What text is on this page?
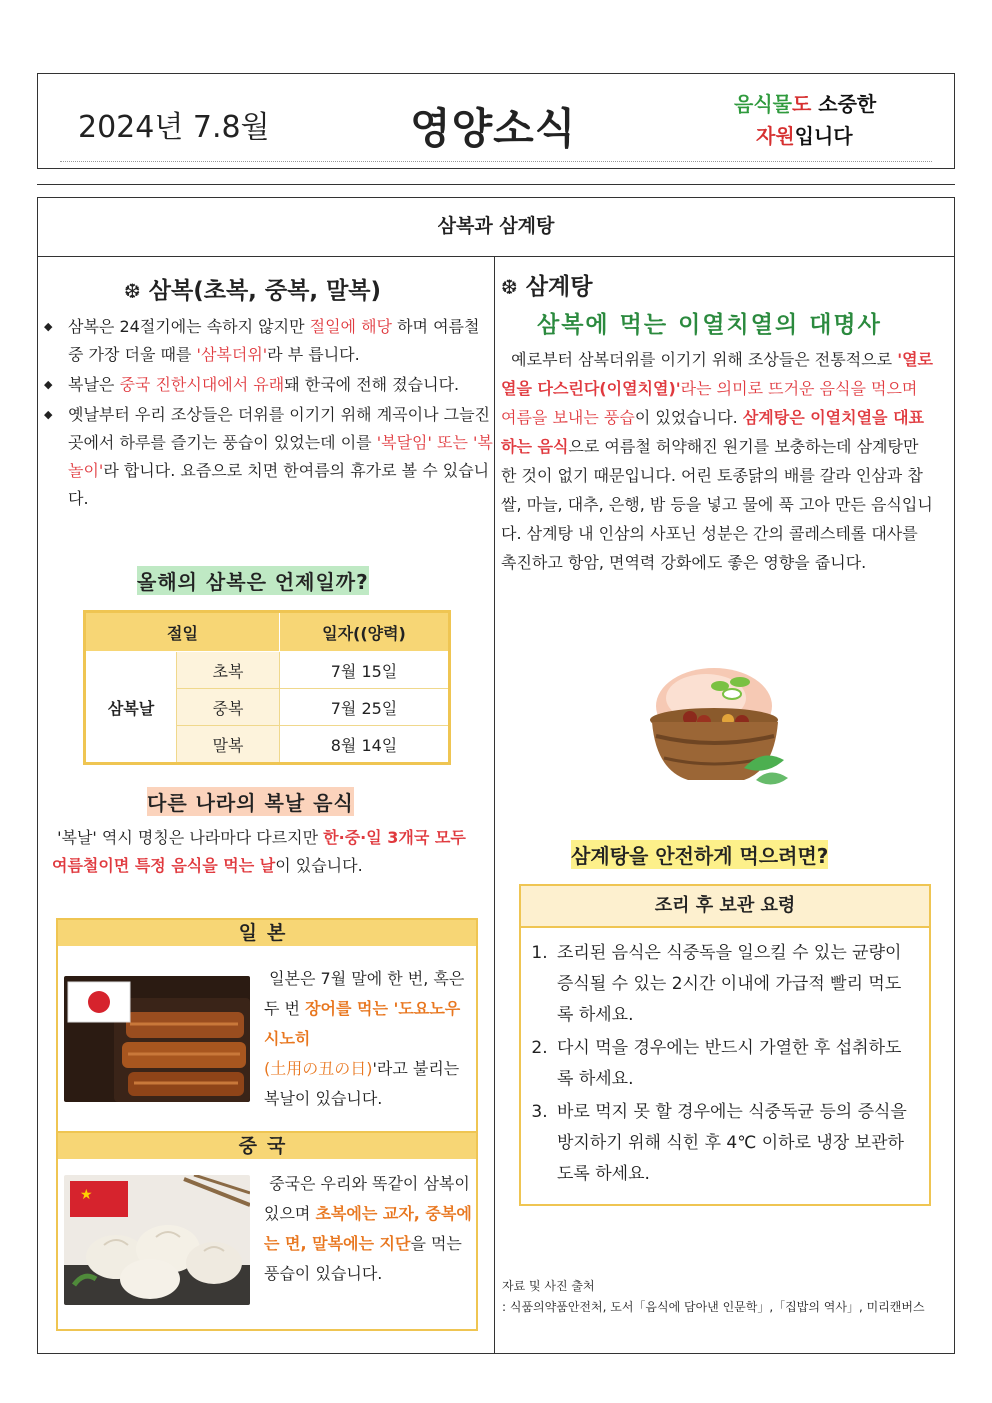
2024년 7.8월	영양소식	음식물도 소중한
자원입니다
삼복과 삼계탕
❆ 삼복(초복, 중복, 말복)
◆ 삼복은 24절기에는 속하지 않지만 절일에 해당 하며 여름철 중 가장 더울 때를 '삼복더위'라 부 릅니다.
◆ 복날은 중국 진한시대에서 유래돼 한국에 전해 졌습니다.
◆ 옛날부터 우리 조상들은 더위를 이기기 위해 계곡이나 그늘진 곳에서 하루를 즐기는 풍습이 있었는데 이를 '복달임' 또는 '복놀이'라 합니다. 요즘으로 치면 한여름의 휴가로 볼 수 있습니다.
올해의 삼복은 언제일까?
절일		일자((양력)
삼복날	초복	7월 15일
	중복	7월 25일
	말복	8월 14일
다른 나라의 복날 음식
'복날' 역시 명칭은 나라마다 다르지만 한·중·일 3개국 모두 여름철이면 특정 음식을 먹는 날이 있습니다.
일본
일본은 7월 말에 한 번, 혹은 두 번 장어를 먹는 '도요노우시노히
(土用の丑の日)'라고 불리는 복날이 있습니다.
중국
★
중국은 우리와 똑같이 삼복이 있으며 초복에는 교자, 중복에는 면, 말복에는 지단을 먹는 풍습이 있습니다.
❆ 삼계탕
삼복에 먹는 이열치열의 대명사
예로부터 삼복더위를 이기기 위해 조상들은 전통적으로 '열로 열을 다스린다(이열치열)'라는 의미로 뜨거운 음식을 먹으며 여름을 보내는 풍습이 있었습니다. 삼계탕은 이열치열을 대표하는 음식으로 여름철 허약해진 원기를 보충하는데 삼계탕만 한 것이 없기 때문입니다. 어린 토종닭의 배를 갈라 인삼과 찹쌀, 마늘, 대추, 은행, 밤 등을 넣고 물에 푹 고아 만든 음식입니다. 삼계탕 내 인삼의 사포닌 성분은 간의 콜레스테롤 대사를 촉진하고 항암, 면역력 강화에도 좋은 영향을 줍니다.
삼계탕을 안전하게 먹으려면?
조리 후 보관 요령
1. 조리된 음식은 식중독을 일으킬 수 있는 균량이 증식될 수 있는 2시간 이내에 가급적 빨리 먹도록 하세요.
2. 다시 먹을 경우에는 반드시 가열한 후 섭취하도록 하세요.
3. 바로 먹지 못 할 경우에는 식중독균 등의 증식을 방지하기 위해 식힌 후 4℃ 이하로 냉장 보관하도록 하세요.
자료 및 사진 출처
: 식품의약품안전처, 도서「음식에 담아낸 인문학」,「집밥의 역사」, 미리캔버스
